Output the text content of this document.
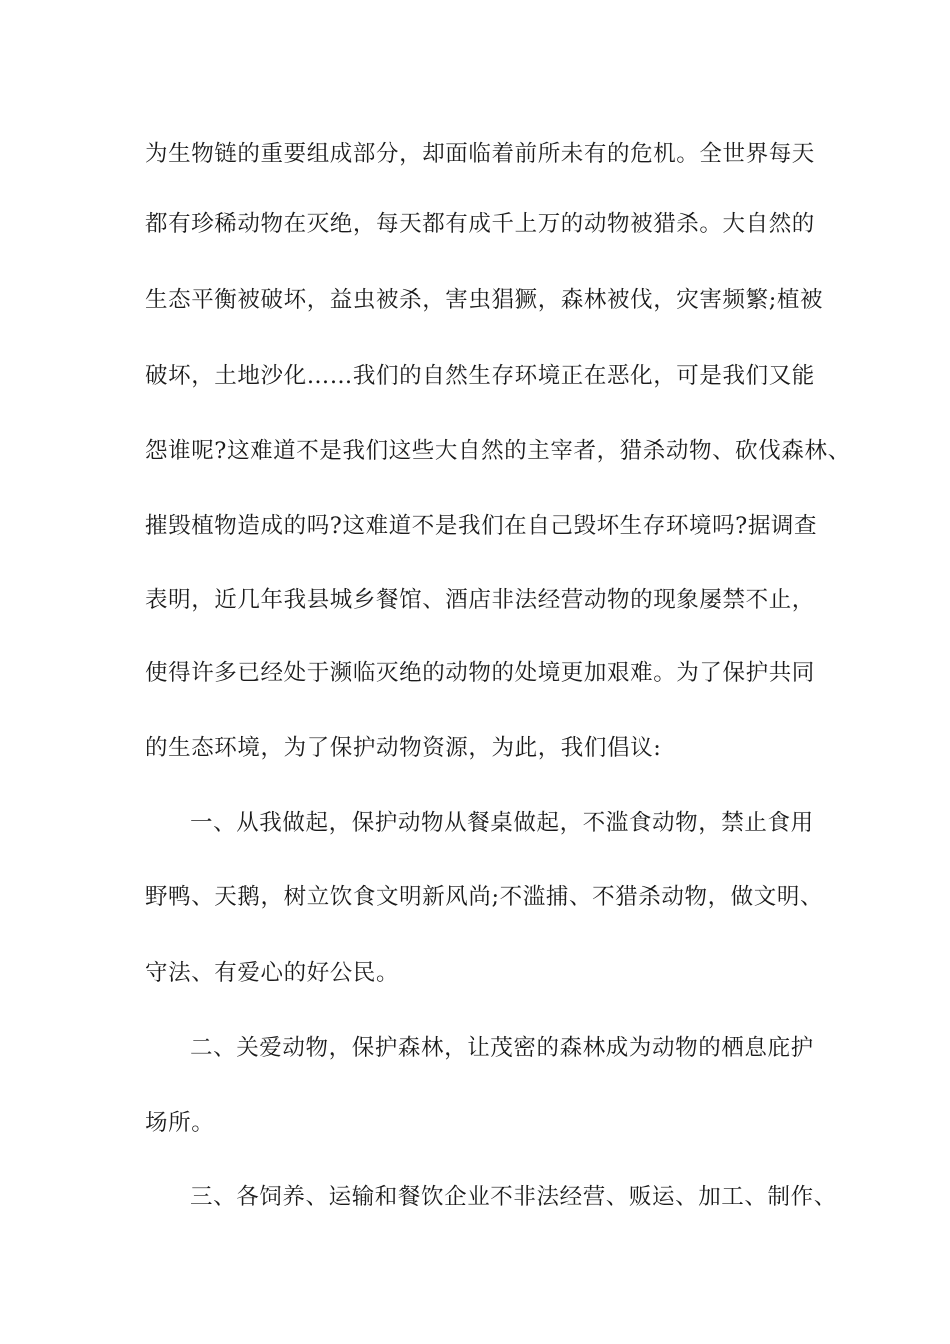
为生物链的重要组成部分，却面临着前所未有的危机。全世界每天
都有珍稀动物在灭绝，每天都有成千上万的动物被猎杀。大自然的
生态平衡被破坏，益虫被杀，害虫猖獗，森林被伐，灾害频繁;植被
破坏，土地沙化……我们的自然生存环境正在恶化，可是我们又能
怨谁呢?这难道不是我们这些大自然的主宰者，猎杀动物、砍伐森林、
摧毁植物造成的吗?这难道不是我们在自己毁坏生存环境吗?据调查
表明，近几年我县城乡餐馆、酒店非法经营动物的现象屡禁不止，
使得许多已经处于濒临灭绝的动物的处境更加艰难。为了保护共同
的生态环境，为了保护动物资源，为此，我们倡议:
一、从我做起，保护动物从餐桌做起，不滥食动物，禁止食用
野鸭、天鹅，树立饮食文明新风尚;不滥捕、不猎杀动物，做文明、
守法、有爱心的好公民。
二、关爱动物，保护森林，让茂密的森林成为动物的栖息庇护
场所。
三、各饲养、运输和餐饮企业不非法经营、贩运、加工、制作、
